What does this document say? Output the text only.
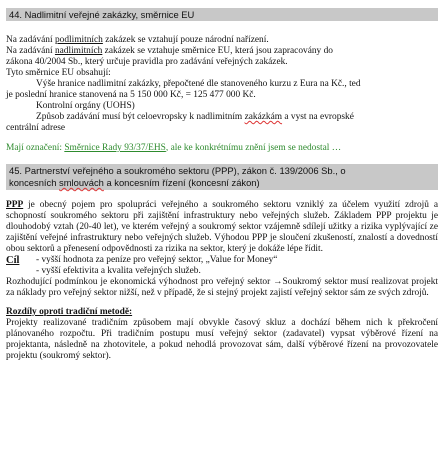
44. Nadlimitní veřejné zakázky, směrnice EU
Na zadávání podlimitních zakázek se vztahují pouze národní nařízení.
Na zadávání nadlimitních zakázek se vztahuje směrnice EU, která jsou zapracovány do
zákona 40/2004 Sb., který určuje pravidla pro zadávání veřejných zakázek.
Tyto směrnice EU obsahují:
Výše hranice nadlimitní zakázky, přepočtené dle stanoveného kurzu z Eura na Kč., ted
je poslední hranice stanovená na 5 150 000 Kč, = 125 477 000 Kč.
Kontrolní orgány (UOHS)
Způsob zadávání musí být celoevropsky k nadlimitním zakázkám a vyst na evropské
centrální adrese
Mají označení: Směrnice Rady 93/37/EHS, ale ke konkrétnímu znění jsem se nedostal …
45. Partnerství veřejného a soukromého sektoru (PPP), zákon č. 139/2006 Sb., o
koncesních smlouvách a koncesním řízení (koncesní zákon)
PPP je obecný pojem pro spolupráci veřejného a soukromého sektoru vzniklý za účelem využití zdrojů a schopností soukromého sektoru při zajištění infrastruktury nebo veřejných služeb. Základem PPP projektu je dlouhodobý vztah (20-40 let), ve kterém veřejný a soukromý sektor vzájemně sdílejí užitky a rizika vyplývající ze zajištění veřejné infrastruktury nebo veřejných služeb. Výhodou PPP je sloučení zkušeností, znalostí a dovedností obou sektorů a přenesení odpovědnosti za rizika na sektor, který je dokáže lépe řídit.
Cíl	- vyšší hodnota za peníze pro veřejný sektor, „Value for Money“
- vyšší efektivita a kvalita veřejných služeb.
Rozhodující podmínkou je ekonomická výhodnost pro veřejný sektor →Soukromý sektor musí realizovat projekt za náklady pro veřejný sektor nižší, než v případě, že si stejný projekt zajistí veřejný sektor sám ze svých zdrojů.
Rozdíly oproti tradiční metodě:
Projekty realizované tradičním způsobem mají obvykle časový skluz a dochází během nich k překročení plánovaného rozpočtu. Při tradičním postupu musí veřejný sektor (zadavatel) vypsat výběrové řízení na projektanta, následně na zhotovitele, a pokud nehodlá provozovat sám, další výběrové řízení na provozovatele projektu (soukromý sektor).
